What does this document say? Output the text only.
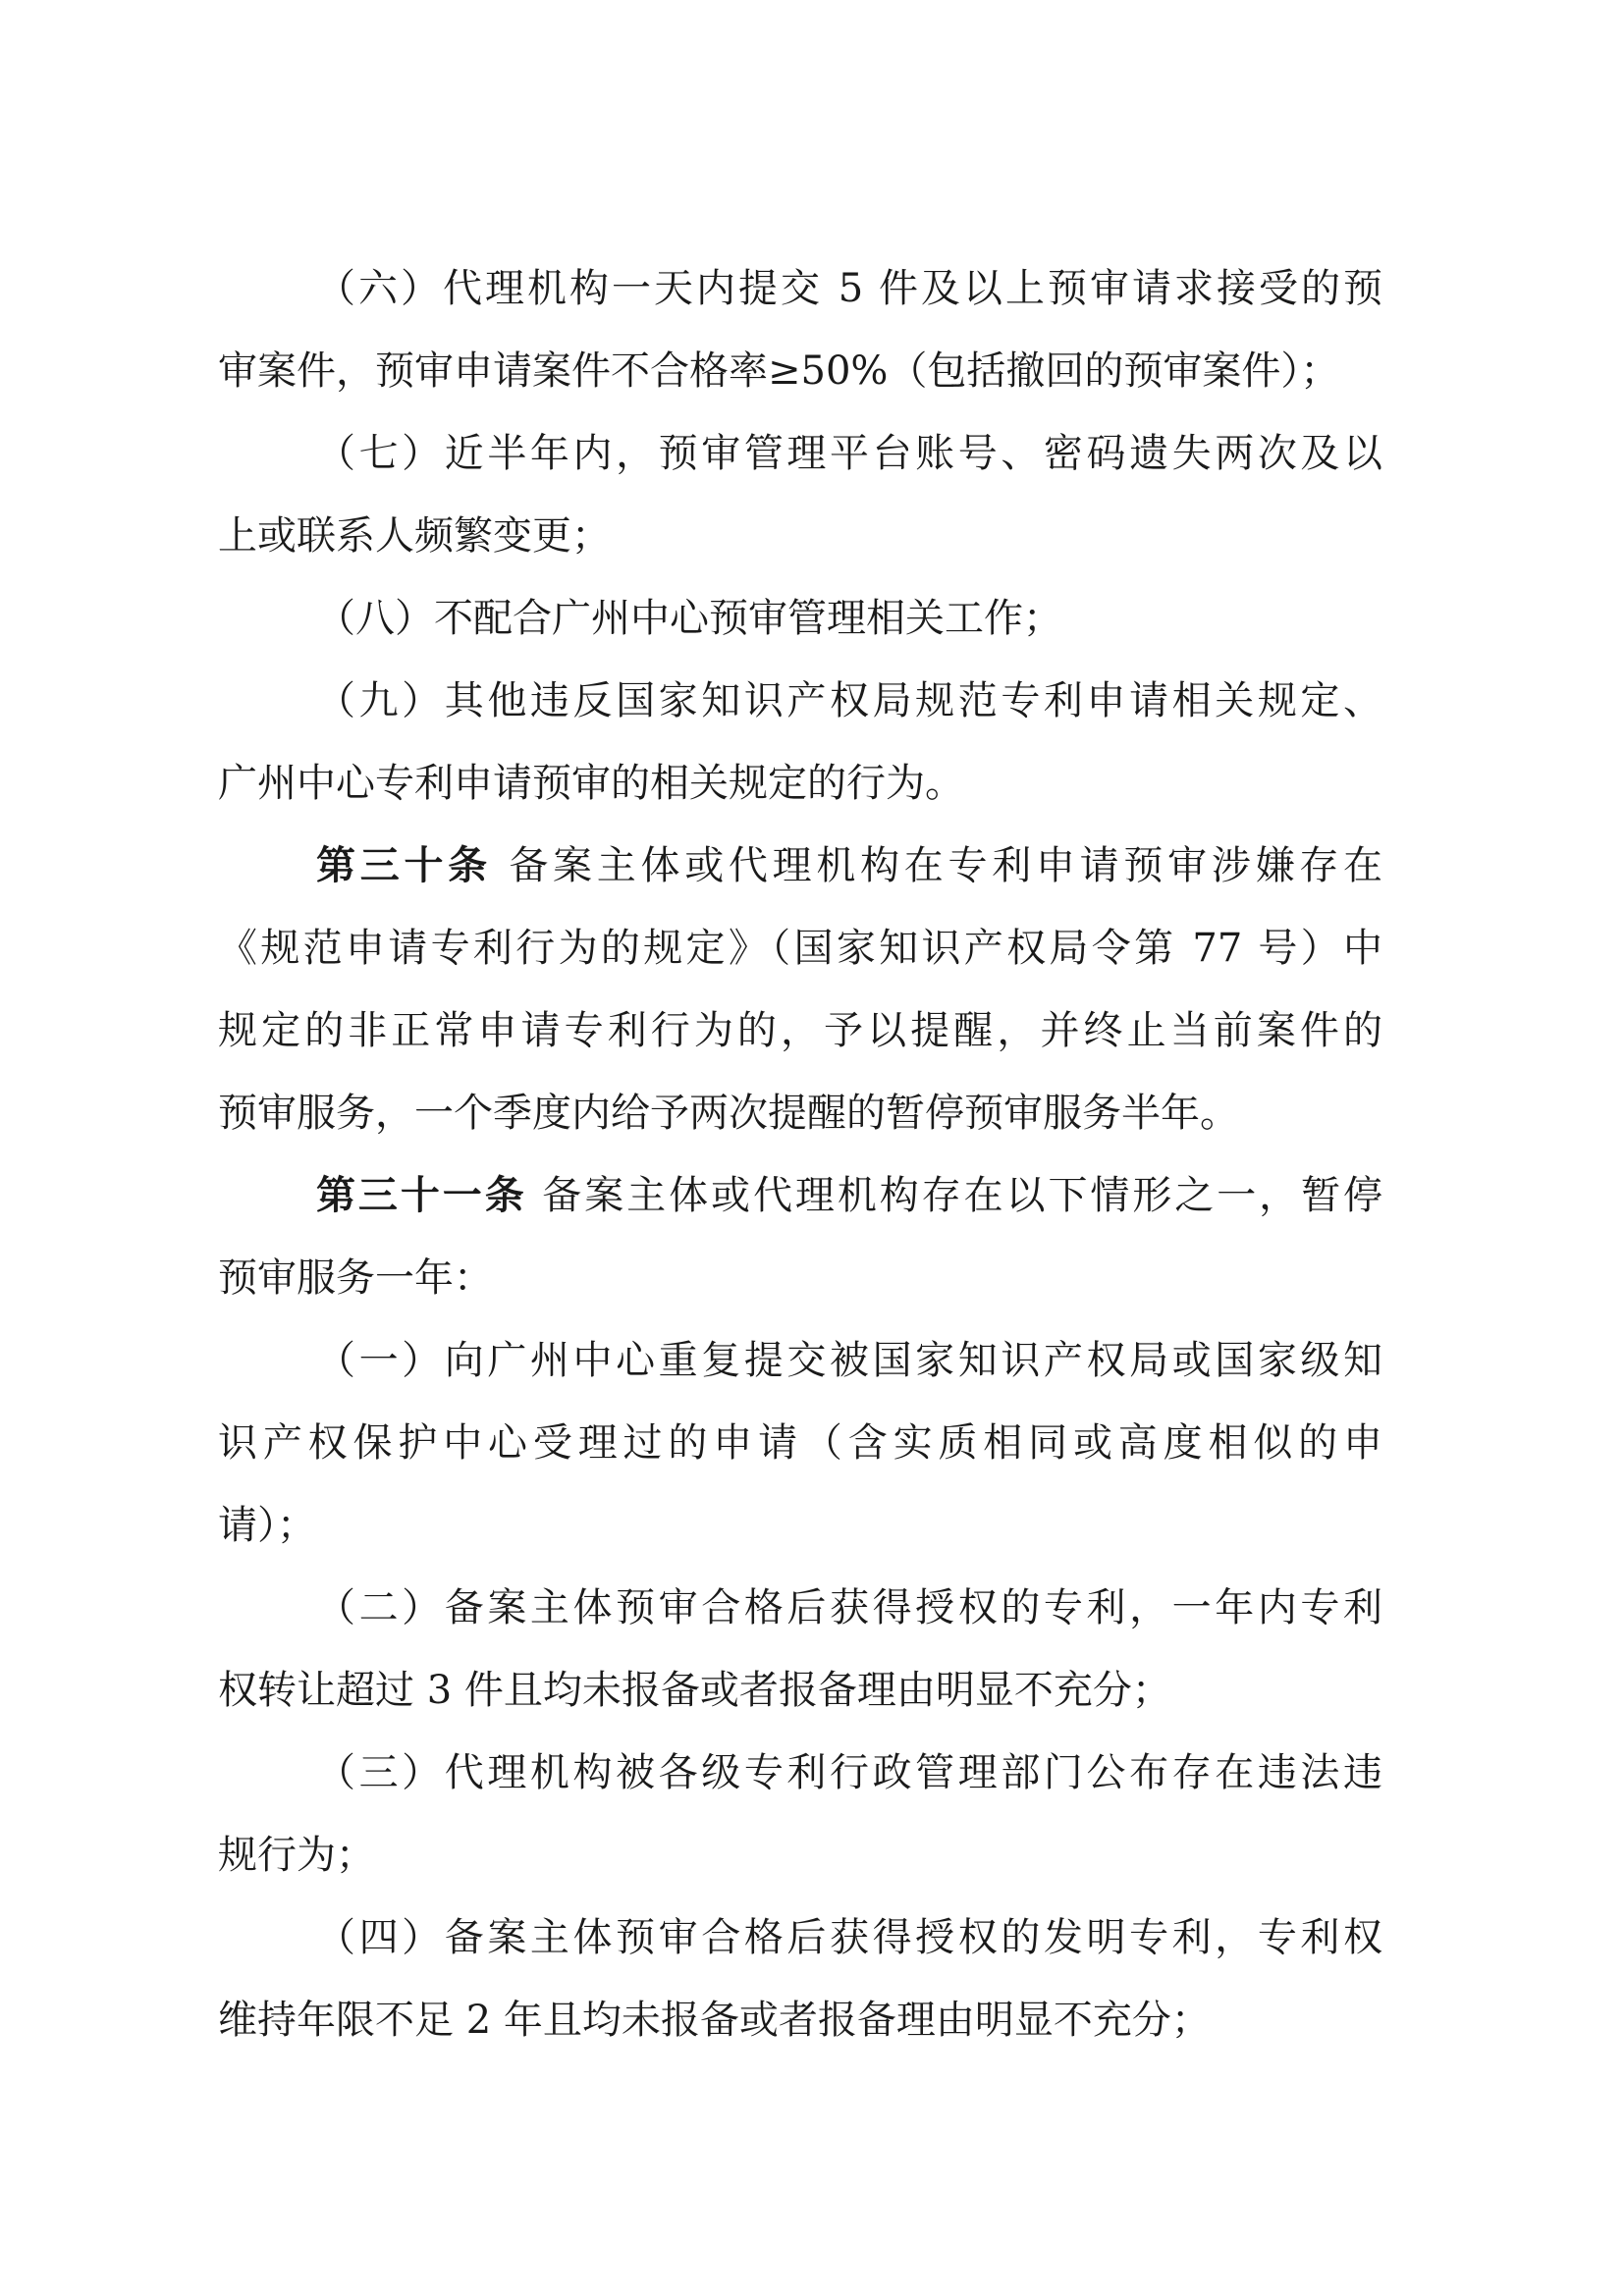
（六）代理机构一天内提交 5 件及以上预审请求接受的预
审案件，预审申请案件不合格率≥50%（包括撤回的预审案件）；
（七）近半年内，预审管理平台账号、密码遗失两次及以
上或联系人频繁变更；
（八）不配合广州中心预审管理相关工作；
（九）其他违反国家知识产权局规范专利申请相关规定、
广州中心专利申请预审的相关规定的行为。
第三十条 备案主体或代理机构在专利申请预审涉嫌存在
《规范申请专利行为的规定》（国家知识产权局令第 77 号）中
规定的非正常申请专利行为的，予以提醒，并终止当前案件的
预审服务，一个季度内给予两次提醒的暂停预审服务半年。
第三十一条 备案主体或代理机构存在以下情形之一，暂停
预审服务一年：
（一）向广州中心重复提交被国家知识产权局或国家级知
识产权保护中心受理过的申请（含实质相同或高度相似的申
请）；
（二）备案主体预审合格后获得授权的专利，一年内专利
权转让超过 3 件且均未报备或者报备理由明显不充分；
（三）代理机构被各级专利行政管理部门公布存在违法违
规行为；
（四）备案主体预审合格后获得授权的发明专利，专利权
维持年限不足 2 年且均未报备或者报备理由明显不充分；
